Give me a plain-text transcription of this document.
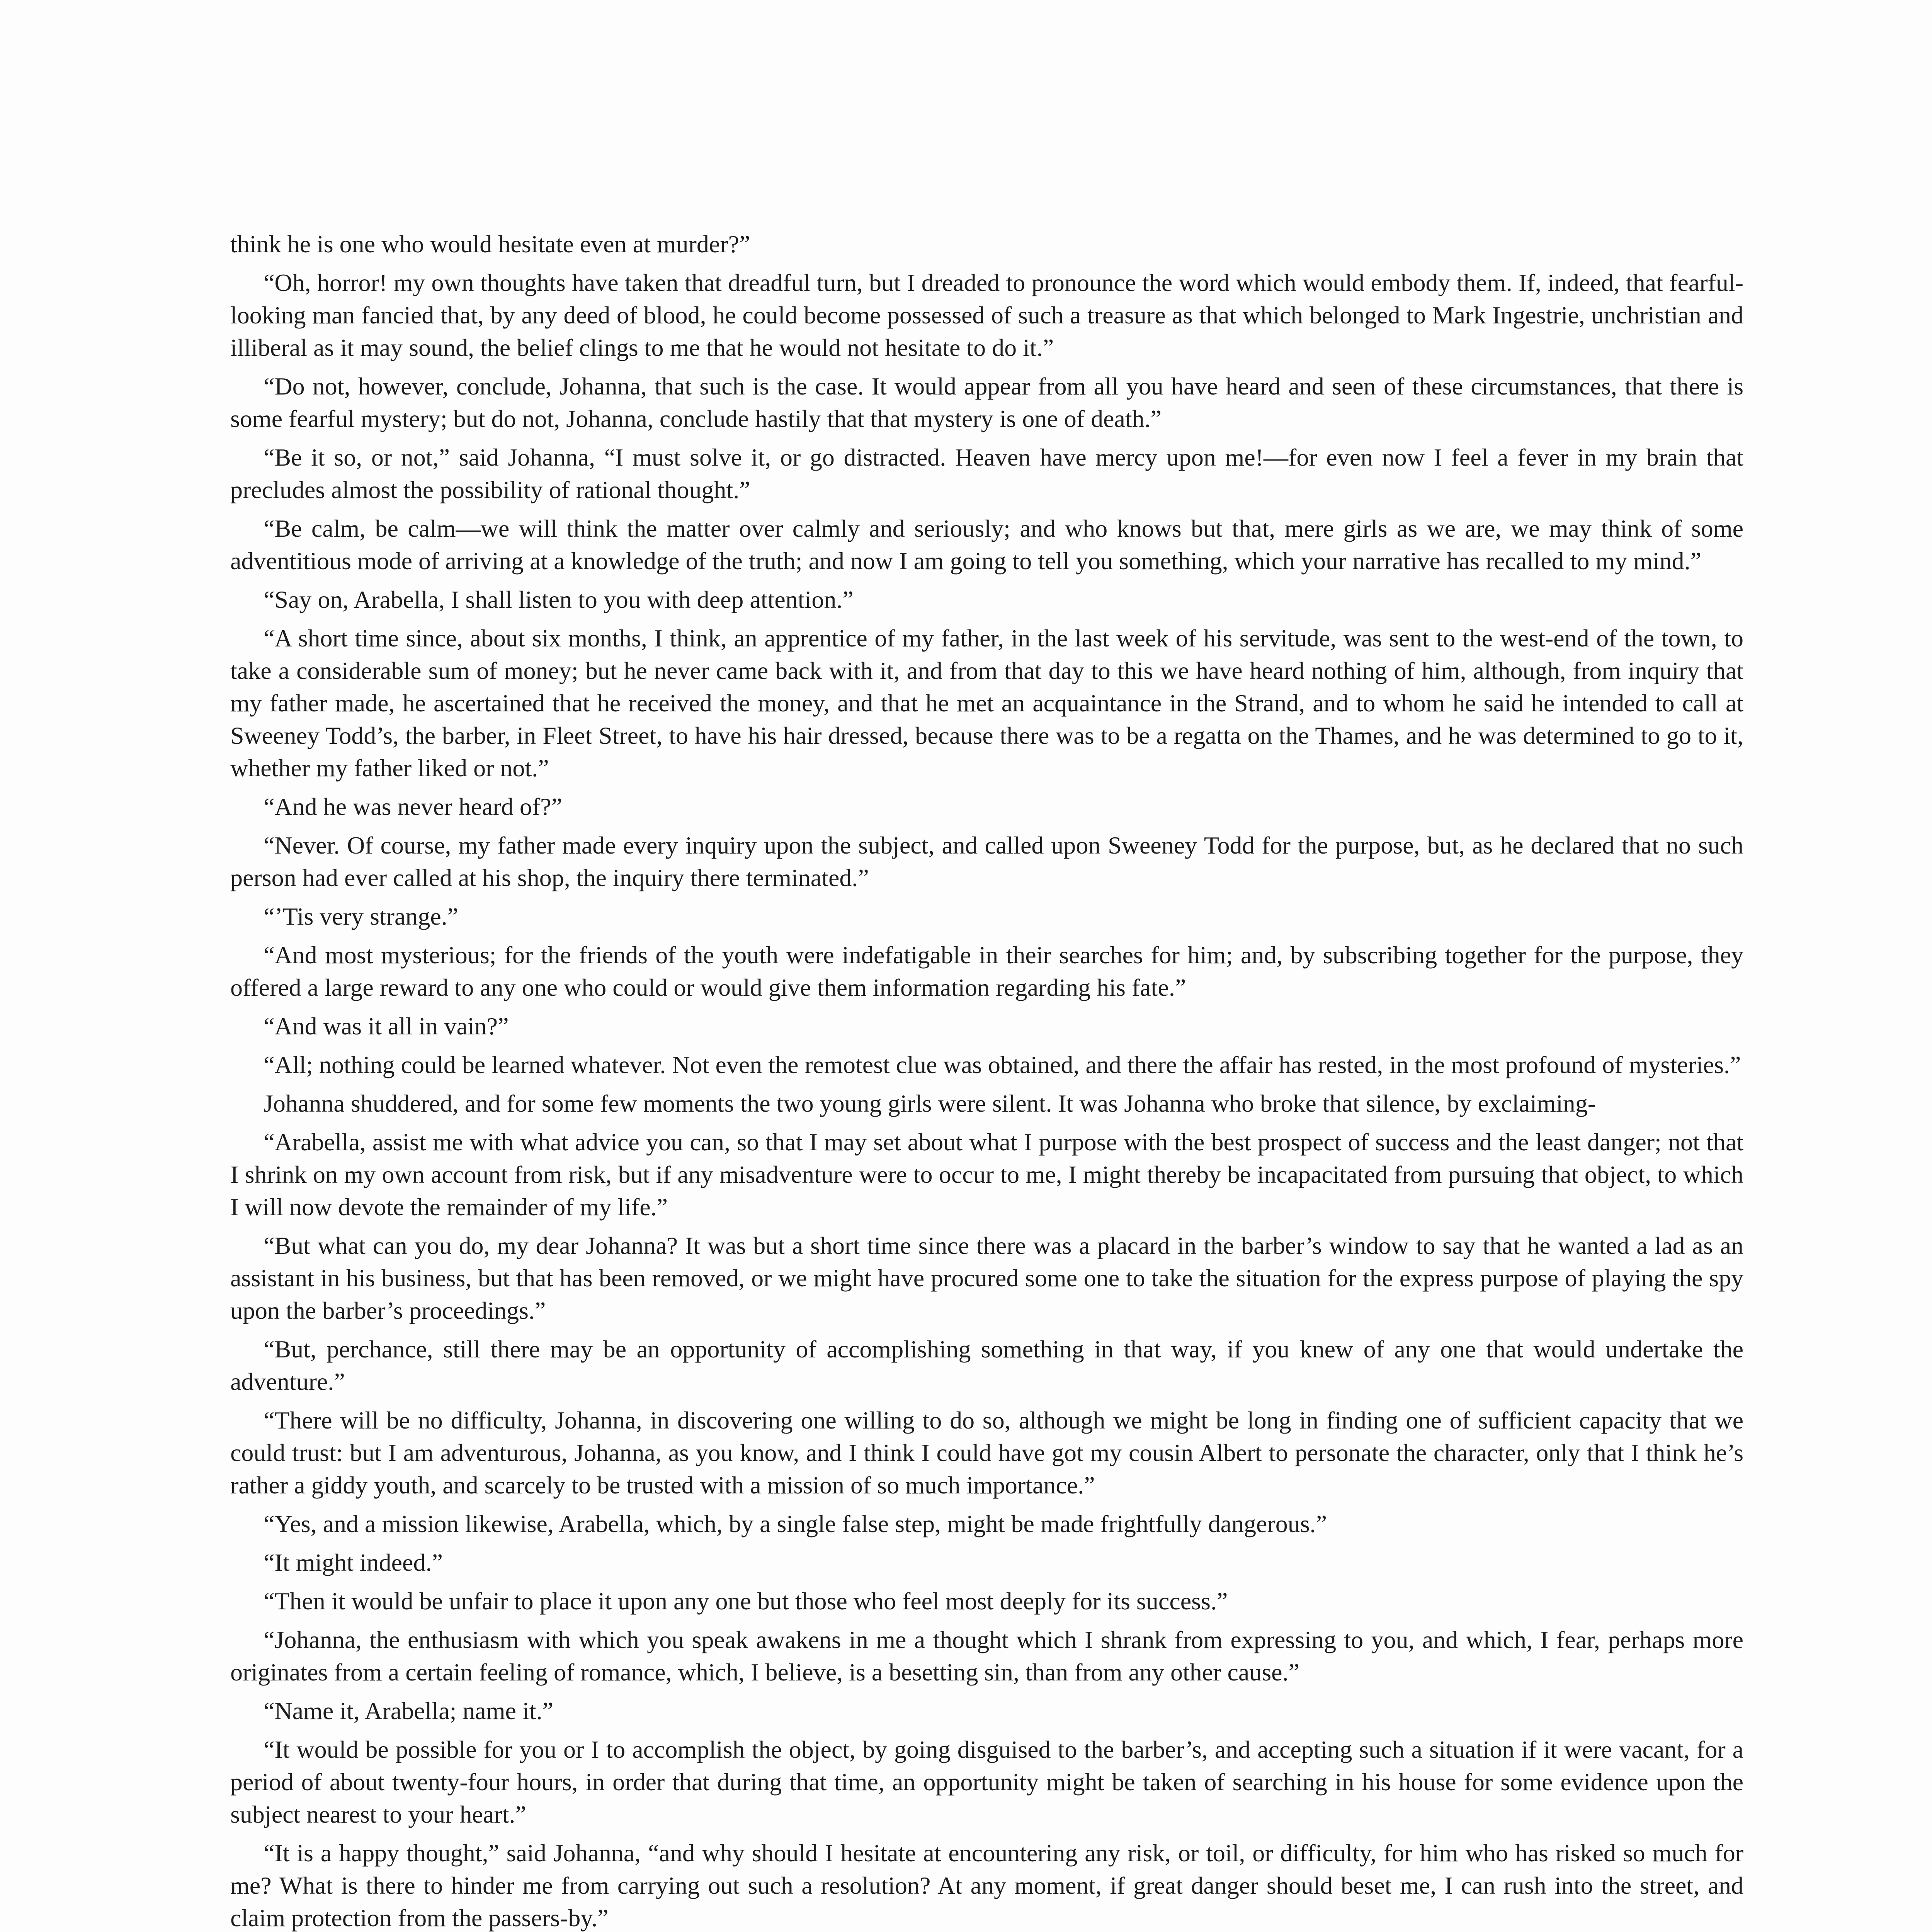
think he is one who would hesitate even at murder?”

“Oh, horror! my own thoughts have taken that dreadful turn, but I dreaded to pronounce the word which would embody them. If, indeed, that fearful-looking man fancied that, by any deed of blood, he could become possessed of such a treasure as that which belonged to Mark Ingestrie, unchristian and illiberal as it may sound, the belief clings to me that he would not hesitate to do it.”

“Do not, however, conclude, Johanna, that such is the case. It would appear from all you have heard and seen of these circumstances, that there is some fearful mystery; but do not, Johanna, conclude hastily that that mystery is one of death.”

“Be it so, or not,” said Johanna, “I must solve it, or go distracted. Heaven have mercy upon me!—for even now I feel a fever in my brain that precludes almost the possibility of rational thought.”

“Be calm, be calm—we will think the matter over calmly and seriously; and who knows but that, mere girls as we are, we may think of some adventitious mode of arriving at a knowledge of the truth; and now I am going to tell you something, which your narrative has recalled to my mind.”

“Say on, Arabella, I shall listen to you with deep attention.”

“A short time since, about six months, I think, an apprentice of my father, in the last week of his servitude, was sent to the west-end of the town, to take a considerable sum of money; but he never came back with it, and from that day to this we have heard nothing of him, although, from inquiry that my father made, he ascertained that he received the money, and that he met an acquaintance in the Strand, and to whom he said he intended to call at Sweeney Todd’s, the barber, in Fleet Street, to have his hair dressed, because there was to be a regatta on the Thames, and he was determined to go to it, whether my father liked or not.”

“And he was never heard of?”

“Never. Of course, my father made every inquiry upon the subject, and called upon Sweeney Todd for the purpose, but, as he declared that no such person had ever called at his shop, the inquiry there terminated.”

“’Tis very strange.”

“And most mysterious; for the friends of the youth were indefatigable in their searches for him; and, by subscribing together for the purpose, they offered a large reward to any one who could or would give them information regarding his fate.”

“And was it all in vain?”

“All; nothing could be learned whatever. Not even the remotest clue was obtained, and there the affair has rested, in the most profound of mysteries.”

Johanna shuddered, and for some few moments the two young girls were silent. It was Johanna who broke that silence, by exclaiming-

“Arabella, assist me with what advice you can, so that I may set about what I purpose with the best prospect of success and the least danger; not that I shrink on my own account from risk, but if any misadventure were to occur to me, I might thereby be incapacitated from pursuing that object, to which I will now devote the remainder of my life.”

“But what can you do, my dear Johanna? It was but a short time since there was a placard in the barber’s window to say that he wanted a lad as an assistant in his business, but that has been removed, or we might have procured some one to take the situation for the express purpose of playing the spy upon the barber’s proceedings.”

“But, perchance, still there may be an opportunity of accomplishing something in that way, if you knew of any one that would undertake the adventure.”

“There will be no difficulty, Johanna, in discovering one willing to do so, although we might be long in finding one of sufficient capacity that we could trust: but I am adventurous, Johanna, as you know, and I think I could have got my cousin Albert to personate the character, only that I think he’s rather a giddy youth, and scarcely to be trusted with a mission of so much importance.”

“Yes, and a mission likewise, Arabella, which, by a single false step, might be made frightfully dangerous.”

“It might indeed.”

“Then it would be unfair to place it upon any one but those who feel most deeply for its success.”

“Johanna, the enthusiasm with which you speak awakens in me a thought which I shrank from expressing to you, and which, I fear, perhaps more originates from a certain feeling of romance, which, I believe, is a besetting sin, than from any other cause.”

“Name it, Arabella; name it.”

“It would be possible for you or I to accomplish the object, by going disguised to the barber’s, and accepting such a situation if it were vacant, for a period of about twenty-four hours, in order that during that time, an opportunity might be taken of searching in his house for some evidence upon the subject nearest to your heart.”

“It is a happy thought,” said Johanna, “and why should I hesitate at encountering any risk, or toil, or difficulty, for him who has risked so much for me? What is there to hinder me from carrying out such a resolution? At any moment, if great danger should beset me, I can rush into the street, and claim protection from the passers-by.”
